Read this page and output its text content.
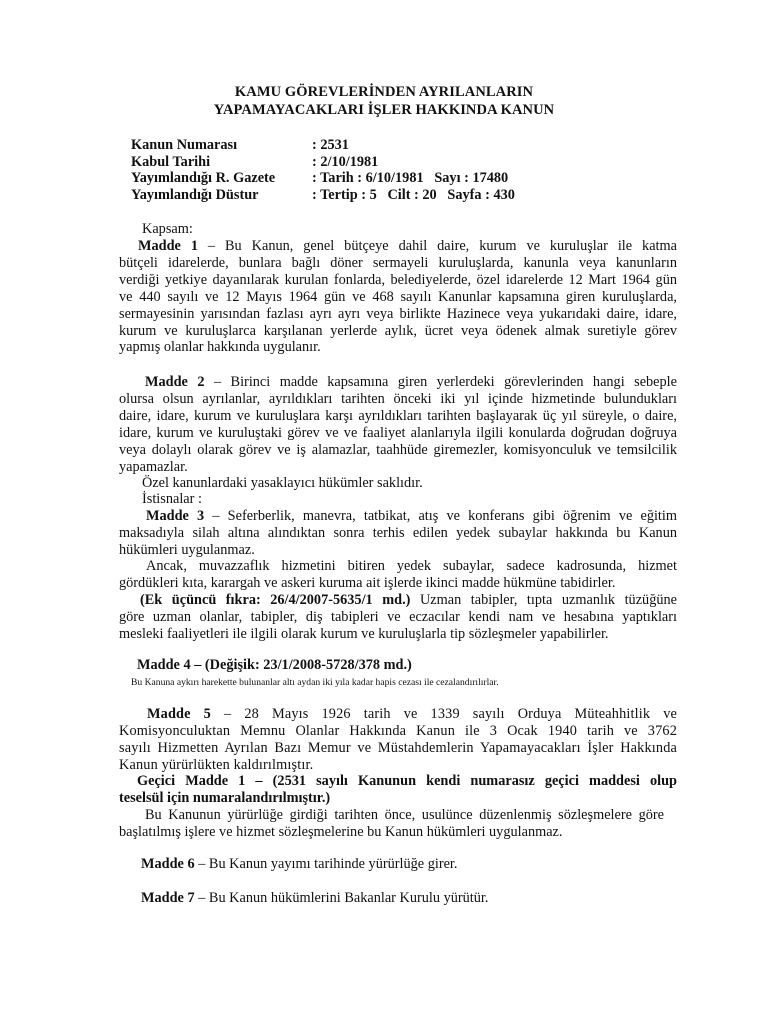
KAMU GÖREVLERİNDEN AYRILANLARIN
YAPAMAYACAKLARI İŞLER HAKKINDA KANUN
Kanun Numarası	: 2531
Kabul Tarihi	: 2/10/1981
Yayımlandığı R. Gazete	: Tarih : 6/10/1981   Sayı : 17480
Yayımlandığı Düstur	: Tertip : 5   Cilt : 20   Sayfa : 430
Kapsam:
Madde 1 – Bu Kanun, genel bütçeye dahil daire, kurum ve kuruluşlar ile katma
bütçeli idarelerde, bunlara bağlı döner sermayeli kuruluşlarda, kanunla veya kanunların
verdiği yetkiye dayanılarak kurulan fonlarda, belediyelerde, özel idarelerde 12 Mart 1964 gün
ve 440 sayılı ve 12 Mayıs 1964 gün ve 468 sayılı Kanunlar kapsamına giren kuruluşlarda,
sermayesinin yarısından fazlası ayrı ayrı veya birlikte Hazinece veya yukarıdaki daire, idare,
kurum ve kuruluşlarca karşılanan yerlerde aylık, ücret veya ödenek almak suretiyle görev
yapmış olanlar hakkında uygulanır.
Madde 2 – Birinci madde kapsamına giren yerlerdeki görevlerinden hangi sebeple
olursa olsun ayrılanlar, ayrıldıkları tarihten önceki iki yıl içinde hizmetinde bulundukları
daire, idare, kurum ve kuruluşlara karşı ayrıldıkları tarihten başlayarak üç yıl süreyle, o daire,
idare, kurum ve kuruluştaki görev ve ve faaliyet alanlarıyla ilgili konularda doğrudan doğruya
veya dolaylı olarak görev ve iş alamazlar, taahhüde giremezler, komisyonculuk ve temsilcilik
yapamazlar.
Özel kanunlardaki yasaklayıcı hükümler saklıdır.
İstisnalar :
Madde 3 – Seferberlik, manevra, tatbikat, atış ve konferans gibi öğrenim ve eğitim
maksadıyla silah altına alındıktan sonra terhis edilen yedek subaylar hakkında bu Kanun
hükümleri uygulanmaz.
Ancak, muvazzaflık hizmetini bitiren yedek subaylar, sadece kadrosunda, hizmet
gördükleri kıta, karargah ve askeri kuruma ait işlerde ikinci madde hükmüne tabidirler.
(Ek üçüncü fıkra: 26/4/2007-5635/1 md.) Uzman tabipler, tıpta uzmanlık tüzüğüne
göre uzman olanlar, tabipler, diş tabipleri ve eczacılar kendi nam ve hesabına yaptıkları
mesleki faaliyetleri ile ilgili olarak kurum ve kuruluşlarla tip sözleşmeler yapabilirler.
Madde 4 – (Değişik: 23/1/2008-5728/378 md.)
Bu Kanuna aykırı harekette bulunanlar altı aydan iki yıla kadar hapis cezası ile cezalandırılırlar.
Madde 5 – 28 Mayıs 1926 tarih ve 1339 sayılı Orduya Müteahhitlik ve
Komisyonculuktan Memnu Olanlar Hakkında Kanun ile 3 Ocak 1940 tarih ve 3762
sayılı Hizmetten Ayrılan Bazı Memur ve Müstahdemlerin Yapamayacakları İşler Hakkında
Kanun yürürlükten kaldırılmıştır.
Geçici Madde 1 – (2531 sayılı Kanunun kendi numarasız geçici maddesi olup
teselsül için numaralandırılmıştır.)
Bu Kanunun yürürlüğe girdiği tarihten önce, usulünce düzenlenmiş sözleşmelere göre
başlatılmış işlere ve hizmet sözleşmelerine bu Kanun hükümleri uygulanmaz.
Madde 6 – Bu Kanun yayımı tarihinde yürürlüğe girer.
Madde 7 – Bu Kanun hükümlerini Bakanlar Kurulu yürütür.
